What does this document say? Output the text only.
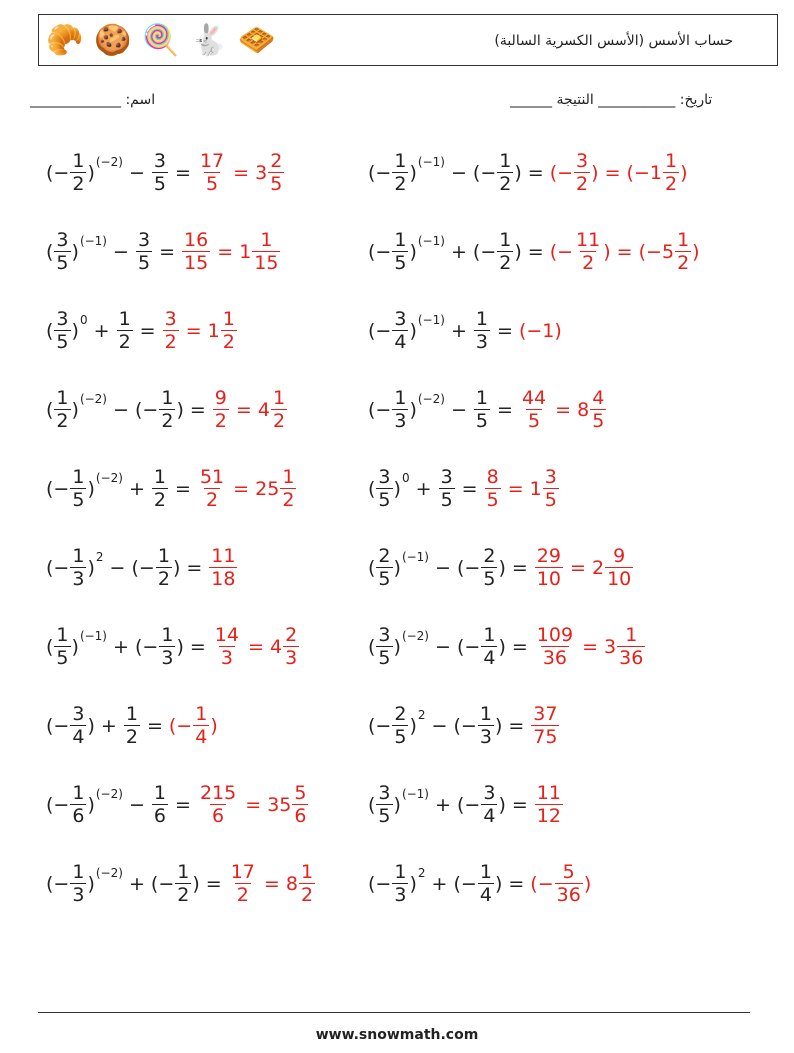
🥐 🍪 🍭 🐇 🧇	حساب الأسس (الأسس الكسرية السالبة)
اسم: _____________	تاريخ: ___________ النتيجة ______
( − $\frac{1}{2}$ ) $(-2) - \frac{3}{5} = \frac{17}{5} = 3 \frac{2}{5}$	( − $\frac{1}{2}$ ) (−1) − ( − $\frac{1}{2}$ ) = (− $\frac{3}{2}$ ) = ($-1 \frac{1}{2}$ )
( $\frac{3}{5}$ ) $(-1) - \frac{3}{5} = \frac{16}{15} = 1 \frac{1}{15}$	( − $\frac{1}{5}$ ) (−1) + ( − $\frac{1}{2}$ ) = (− $\frac{11}{2}$ ) = ($-5 \frac{1}{2}$ )
( $\frac{3}{5}$ ) $0 + \frac{1}{2} = \frac{3}{2} = 1 \frac{1}{2}$	( − $\frac{3}{4}$ ) $(-1) + \frac{1}{3} = (-1)$
( $\frac{1}{2}$ ) (−2) − ( − $\frac{1}{2}$ ) = $\frac{9}{2} = 4 \frac{1}{2}$	( − $\frac{1}{3}$ ) $(-2) - \frac{1}{5} = \frac{44}{5} = 8 \frac{4}{5}$
( − $\frac{1}{5}$ ) $(-2) + \frac{1}{2} = \frac{51}{2} = 25 \frac{1}{2}$	( $\frac{3}{5}$ ) $0 + \frac{3}{5} = \frac{8}{5} = 1 \frac{3}{5}$
( − $\frac{1}{3}$ ) 2 − ( − $\frac{1}{2}$ ) = $\frac{11}{18}$	( $\frac{2}{5}$ ) (−1) − ( − $\frac{2}{5}$ ) = $\frac{29}{10} = 2 \frac{9}{10}$
( $\frac{1}{5}$ ) (−1) + ( − $\frac{1}{3}$ ) = $\frac{14}{3} = 4 \frac{2}{3}$	( $\frac{3}{5}$ ) (−2) − ( − $\frac{1}{4}$ ) = $\frac{109}{36} = 3 \frac{1}{36}$
( − $\frac{3}{4}$ ) + $\frac{1}{2}$ = (− $\frac{1}{4}$ )	( − $\frac{2}{5}$ ) 2 − ( − $\frac{1}{3}$ ) = $\frac{37}{75}$
( − $\frac{1}{6}$ ) $(-2) - \frac{1}{6} = \frac{215}{6} = 35 \frac{5}{6}$	( $\frac{3}{5}$ ) (−1) + ( − $\frac{3}{4}$ ) = $\frac{11}{12}$
( − $\frac{1}{3}$ ) (−2) + ( − $\frac{1}{2}$ ) = $\frac{17}{2} = 8 \frac{1}{2}$	( − $\frac{1}{3}$ ) 2 + ( − $\frac{1}{4}$ ) = (− $\frac{5}{36}$ )
www.snowmath.com
